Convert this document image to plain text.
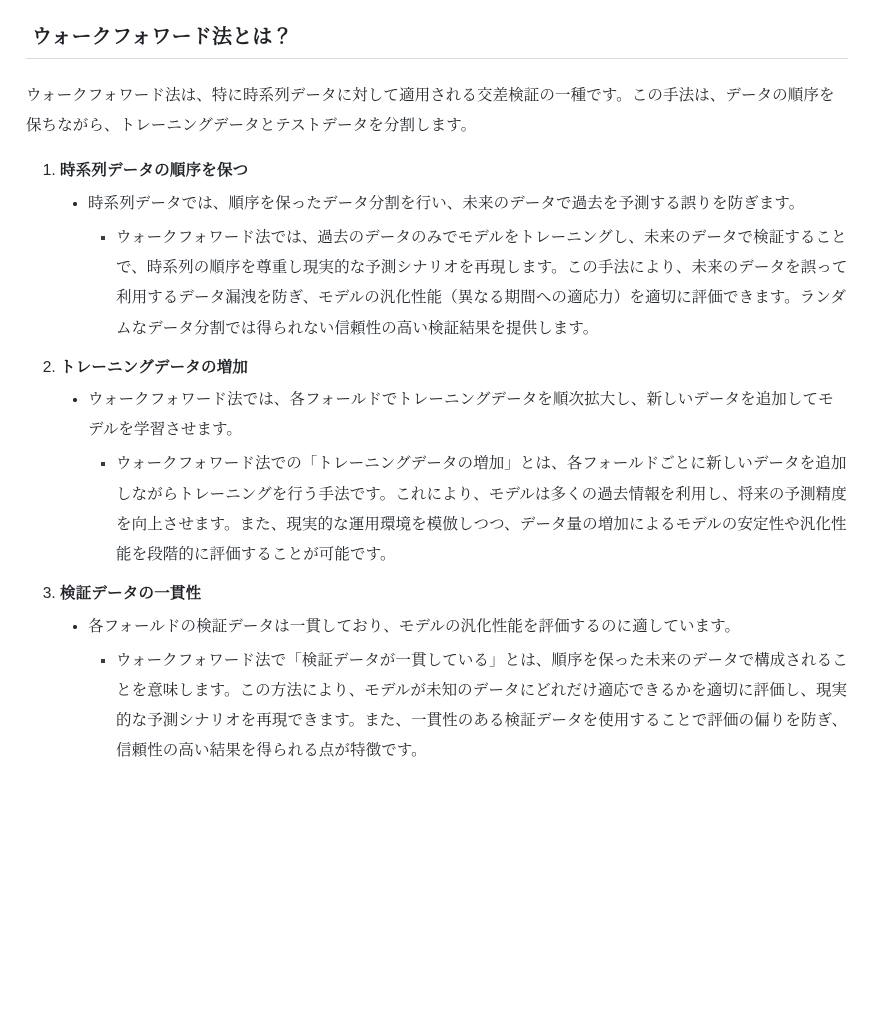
ウォークフォワード法とは？

ウォークフォワード法は、特に時系列データに対して適用される交差検証の一種です。この手法は、データの順序を保ちながら、トレーニングデータとテストデータを分割します。

1. 時系列データの順序を保つ
• 時系列データでは、順序を保ったデータ分割を行い、未来のデータで過去を予測する誤りを防ぎます。
▪ ウォークフォワード法では、過去のデータのみでモデルをトレーニングし、未来のデータで検証することで、時系列の順序を尊重し現実的な予測シナリオを再現します。この手法により、未来のデータを誤って利用するデータ漏洩を防ぎ、モデルの汎化性能（異なる期間への適応力）を適切に評価できます。ランダムなデータ分割では得られない信頼性の高い検証結果を提供します。
2. トレーニングデータの増加
• ウォークフォワード法では、各フォールドでトレーニングデータを順次拡大し、新しいデータを追加してモデルを学習させます。
▪ ウォークフォワード法での「トレーニングデータの増加」とは、各フォールドごとに新しいデータを追加しながらトレーニングを行う手法です。これにより、モデルは多くの過去情報を利用し、将来の予測精度を向上させます。また、現実的な運用環境を模倣しつつ、データ量の増加によるモデルの安定性や汎化性能を段階的に評価することが可能です。
3. 検証データの一貫性
• 各フォールドの検証データは一貫しており、モデルの汎化性能を評価するのに適しています。
▪ ウォークフォワード法で「検証データが一貫している」とは、順序を保った未来のデータで構成されることを意味します。この方法により、モデルが未知のデータにどれだけ適応できるかを適切に評価し、現実的な予測シナリオを再現できます。また、一貫性のある検証データを使用することで評価の偏りを防ぎ、信頼性の高い結果を得られる点が特徴です。
